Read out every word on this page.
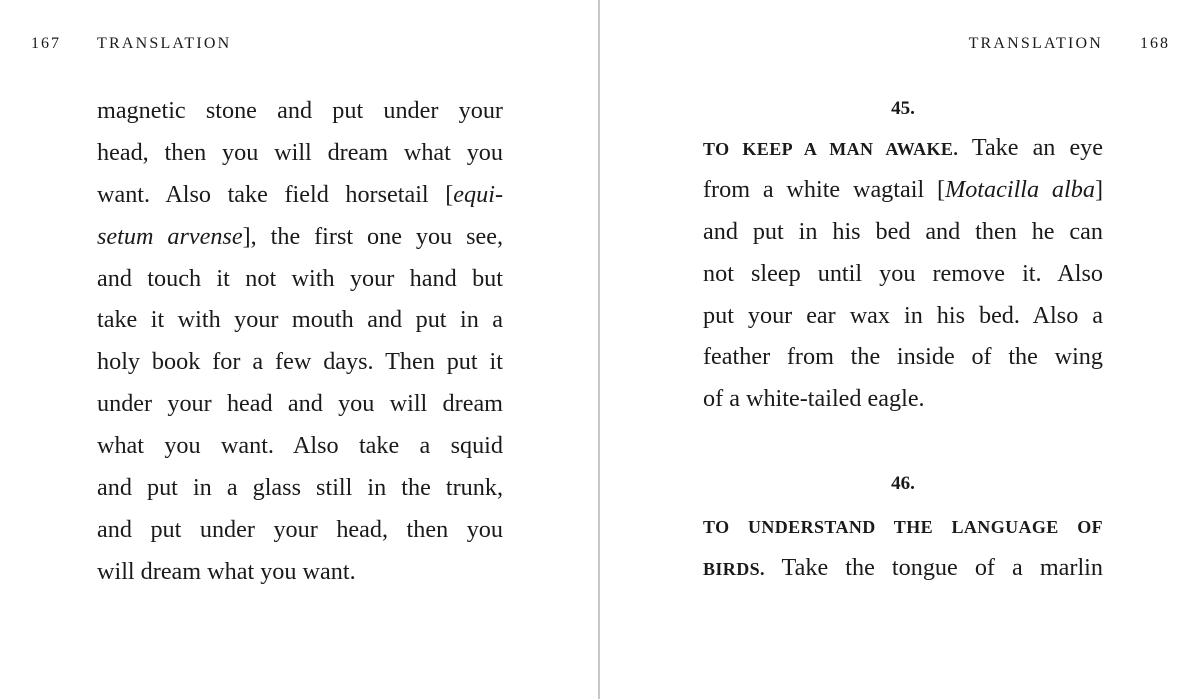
167 TRANSLATION
magnetic stone and put under your
head, then you will dream what you
want. Also take field horsetail [equi-
setum arvense], the first one you see,
and touch it not with your hand but
take it with your mouth and put in a
holy book for a few days. Then put it
under your head and you will dream
what you want. Also take a squid
and put in a glass still in the trunk,
and put under your head, then you
will dream what you want.
TRANSLATION 168
45.
TO KEEP A MAN AWAKE. Take an eye
from a white wagtail [Motacilla alba]
and put in his bed and then he can
not sleep until you remove it. Also
put your ear wax in his bed. Also a
feather from the inside of the wing
of a white-tailed eagle.
46.
TO UNDERSTAND THE LANGUAGE OF
BIRDS. Take the tongue of a marlin
